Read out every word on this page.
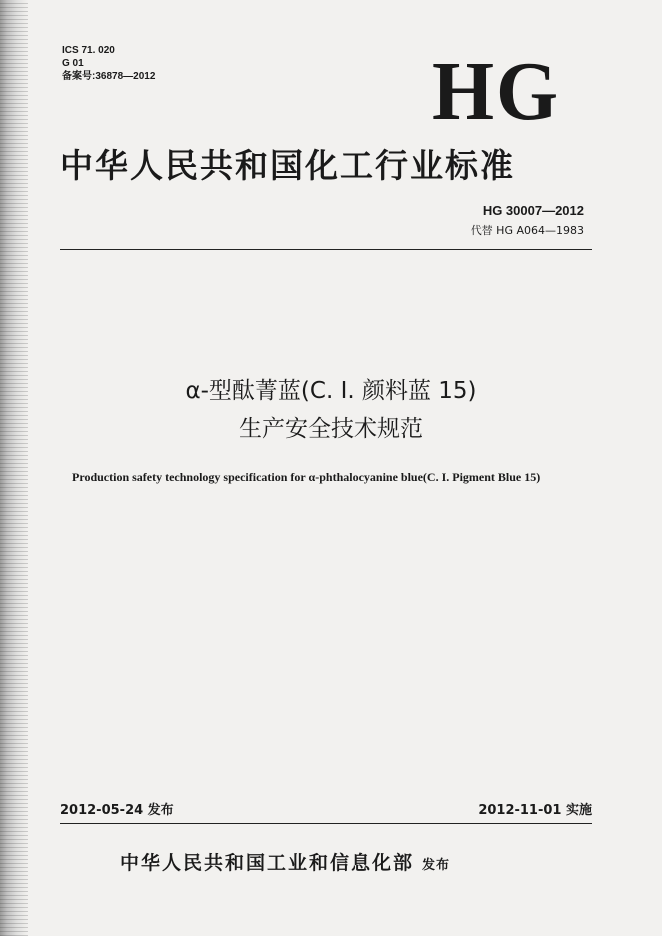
ICS 71. 020
G 01
备案号:36878—2012	HG
中华人民共和国化工行业标准
HG 30007—2012
代替 HG A064—1983
α-型酞菁蓝(C. I. 颜料蓝 15)
生产安全技术规范
Production safety technology specification for α-phthalocyanine blue(C. I. Pigment Blue 15)
2012-05-24 发布	2012-11-01 实施
中华人民共和国工业和信息化部 发布
